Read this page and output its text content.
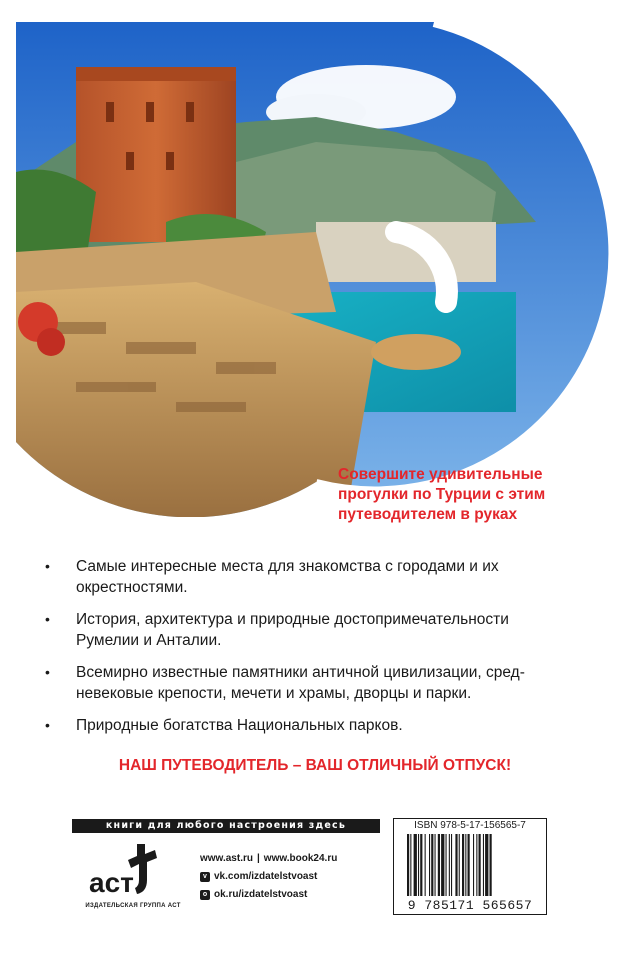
Совершите удивительные
прогулки по Турции с этим
путеводителем в руках
• Самые интересные места для знакомства с городами и их
окрестностями.
• История, архитектура и природные достопримечательности
Румелии и Анталии.
• Всемирно известные памятники античной цивилизации, сред-
невековые крепости, мечети и храмы, дворцы и парки.
• Природные богатства Национальных парков.
НАШ ПУТЕВОДИТЕЛЬ – ВАШ ОТЛИЧНЫЙ ОТПУСК!
книги для любого настроения здесь
аст
ИЗДАТЕЛЬСКАЯ ГРУППА АСТ
www.ast.ru | www.book24.ru
v vk.com/izdatelstvoast
o ok.ru/izdatelstvoast
ISBN 978-5-17-156565-7
9 785171 565657
